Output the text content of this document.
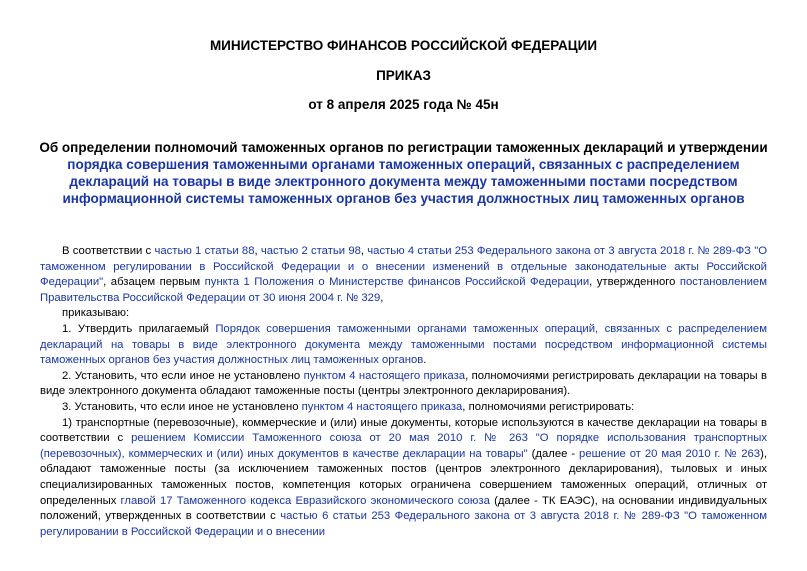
МИНИСТЕРСТВО ФИНАНСОВ РОССИЙСКОЙ ФЕДЕРАЦИИ
ПРИКАЗ
от 8 апреля 2025 года № 45н
Об определении полномочий таможенных органов по регистрации таможенных деклараций и утверждении порядка совершения таможенными органами таможенных операций, связанных с распределением деклараций на товары в виде электронного документа между таможенными постами посредством информационной системы таможенных органов без участия должностных лиц таможенных органов

В соответствии с частью 1 статьи 88, частью 2 статьи 98, частью 4 статьи 253 Федерального закона от 3 августа 2018 г. № 289-ФЗ "О таможенном регулировании в Российской Федерации и о внесении изменений в отдельные законодательные акты Российской Федерации", абзацем первым пункта 1 Положения о Министерстве финансов Российской Федерации, утвержденного постановлением Правительства Российской Федерации от 30 июня 2004 г. № 329,

приказываю:

1. Утвердить прилагаемый Порядок совершения таможенными органами таможенных операций, связанных с распределением деклараций на товары в виде электронного документа между таможенными постами посредством информационной системы таможенных органов без участия должностных лиц таможенных органов.

2. Установить, что если иное не установлено пунктом 4 настоящего приказа, полномочиями регистрировать декларации на товары в виде электронного документа обладают таможенные посты (центры электронного декларирования).

3. Установить, что если иное не установлено пунктом 4 настоящего приказа, полномочиями регистрировать:

1) транспортные (перевозочные), коммерческие и (или) иные документы, которые используются в качестве декларации на товары в соответствии с решением Комиссии Таможенного союза от 20 мая 2010 г. № 263 "О порядке использования транспортных (перевозочных), коммерческих и (или) иных документов в качестве декларации на товары" (далее - решение от 20 мая 2010 г. № 263), обладают таможенные посты (за исключением таможенных постов (центров электронного декларирования), тыловых и иных специализированных таможенных постов, компетенция которых ограничена совершением таможенных операций, отличных от определенных главой 17 Таможенного кодекса Евразийского экономического союза (далее - ТК ЕАЭС), на основании индивидуальных положений, утвержденных в соответствии с частью 6 статьи 253 Федерального закона от 3 августа 2018 г. № 289-ФЗ "О таможенном регулировании в Российской Федерации и о внесении
